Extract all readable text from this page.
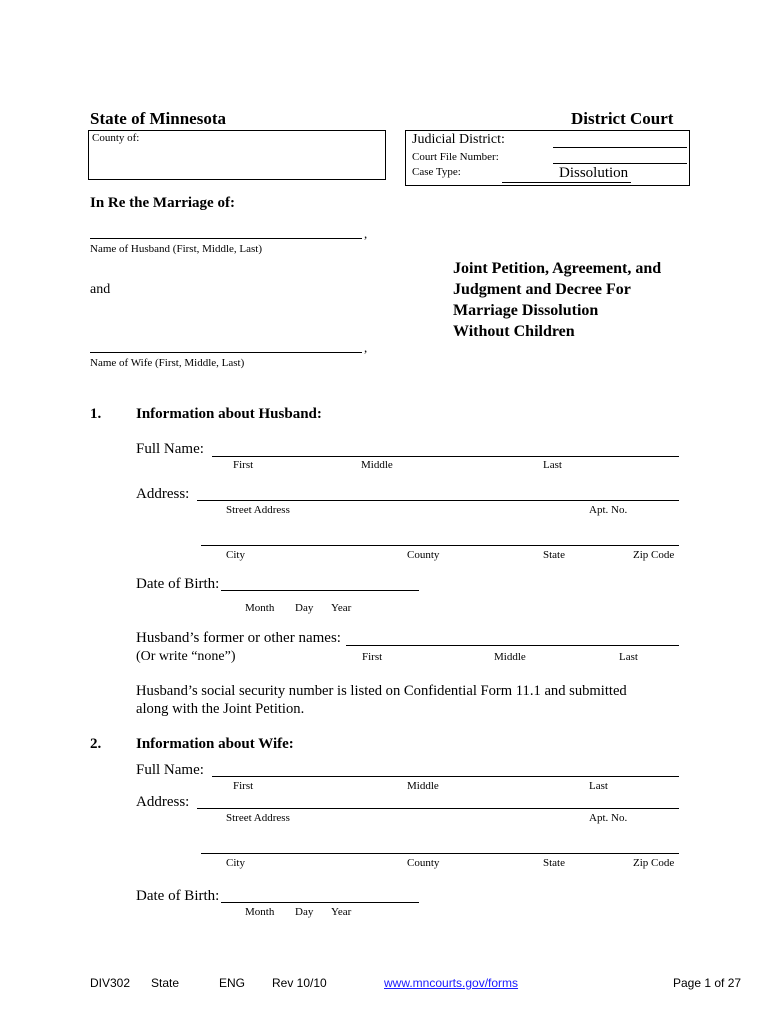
State of Minnesota	District Court
County of:	Judicial District:
Court File Number:
Case Type:	Dissolution
In Re the Marriage of:
,
Name of Husband (First, Middle, Last)
and
,
Name of Wife (First, Middle, Last)
Joint Petition, Agreement, and
Judgment and Decree For
Marriage Dissolution
Without Children
1. Information about Husband:
Full Name:
First	Middle	Last
Address:
Street Address	Apt. No.
City	County	State	Zip Code
Date of Birth:
Month Day Year
Husband’s former or other names:
(Or write “none”)	First	Middle	Last
Husband’s social security number is listed on Confidential Form 11.1 and submitted
along with the Joint Petition.
2. Information about Wife:
Full Name:
First	Middle	Last
Address:
Street Address	Apt. No.
City	County	State	Zip Code
Date of Birth:
Month Day Year
DIV302 State	ENG Rev 10/10	www.mncourts.gov/forms	Page 1 of 27
